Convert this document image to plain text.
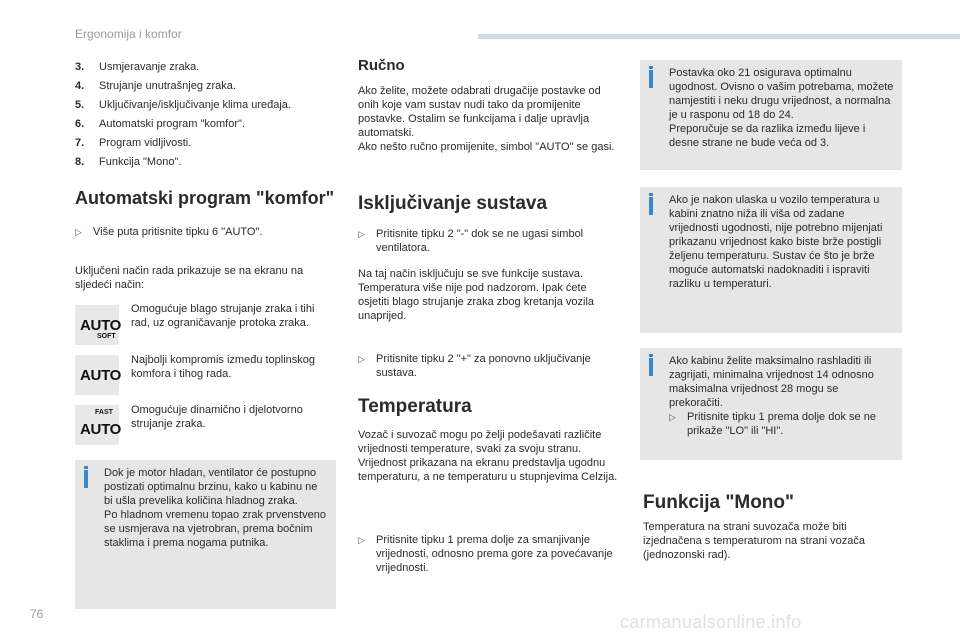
Ergonomija i komfor
3.	Usmjeravanje zraka.
4.	Strujanje unutrašnjeg zraka.
5.	Uključivanje/isključivanje klima uređaja.
6.	Automatski program "komfor".
7.	Program vidljivosti.
8.	Funkcija "Mono".
Automatski program "komfor"
▷	Više puta pritisnite tipku 6 "AUTO".

Uključeni način rada prikazuje se na ekranu na sljedeći način:

AUTO
SOFT
Omogućuje blago strujanje zraka i tihi rad, uz ograničavanje protoka zraka.
AUTO
Najbolji kompromis između toplinskog komfora i tihog rada.
FAST
AUTO
Omogućuje dinamično i djelotvorno strujanje zraka.
Dok je motor hladan, ventilator će postupno postizati optimalnu brzinu, kako u kabinu ne bi ušla prevelika količina hladnog zraka.
Po hladnom vremenu topao zrak prvenstveno se usmjerava na vjetrobran, prema bočnim staklima i prema nogama putnika.
Ručno

Ako želite, možete odabrati drugačije postavke od onih koje vam sustav nudi tako da promijenite postavke. Ostalim se funkcijama i dalje upravlja automatski.
Ako nešto ručno promijenite, simbol "AUTO" se gasi.

Isključivanje sustava
▷	Pritisnite tipku 2 "-" dok se ne ugasi simbol ventilatora.

Na taj način isključuju se sve funkcije sustava. Temperatura više nije pod nadzorom. Ipak ćete osjetiti blago strujanje zraka zbog kretanja vozila unaprijed.

▷	Pritisnite tipku 2 "+" za ponovno uključivanje sustava.
Temperatura

Vozač i suvozač mogu po želji podešavati različite vrijednosti temperature, svaki za svoju stranu.
Vrijednost prikazana na ekranu predstavlja ugodnu temperaturu, a ne temperaturu u stupnjevima Celzija.

▷	Pritisnite tipku 1 prema dolje za smanjivanje vrijednosti, odnosno prema gore za povećavanje vrijednosti.
Postavka oko 21 osigurava optimalnu ugodnost. Ovisno o vašim potrebama, možete namjestiti i neku drugu vrijednost, a normalna je u rasponu od 18 do 24.
Preporučuje se da razlika između lijeve i desne strane ne bude veća od 3.
Ako je nakon ulaska u vozilo temperatura u kabini znatno niža ili viša od zadane vrijednosti ugodnosti, nije potrebno mijenjati prikazanu vrijednost kako biste brže postigli željenu temperaturu. Sustav će što je brže moguće automatski nadoknaditi i ispraviti razliku u temperaturi.
Ako kabinu želite maksimalno rashladiti ili zagrijati, minimalna vrijednost 14 odnosno maksimalna vrijednost 28 mogu se prekoračiti.
▷	Pritisnite tipku 1 prema dolje dok se ne prikaže "LO" ili "HI".
Funkcija "Mono"

Temperatura na strani suvozača može biti izjednačena s temperaturom na strani vozača (jednozonski rad).

76	carmanualsonline.info
